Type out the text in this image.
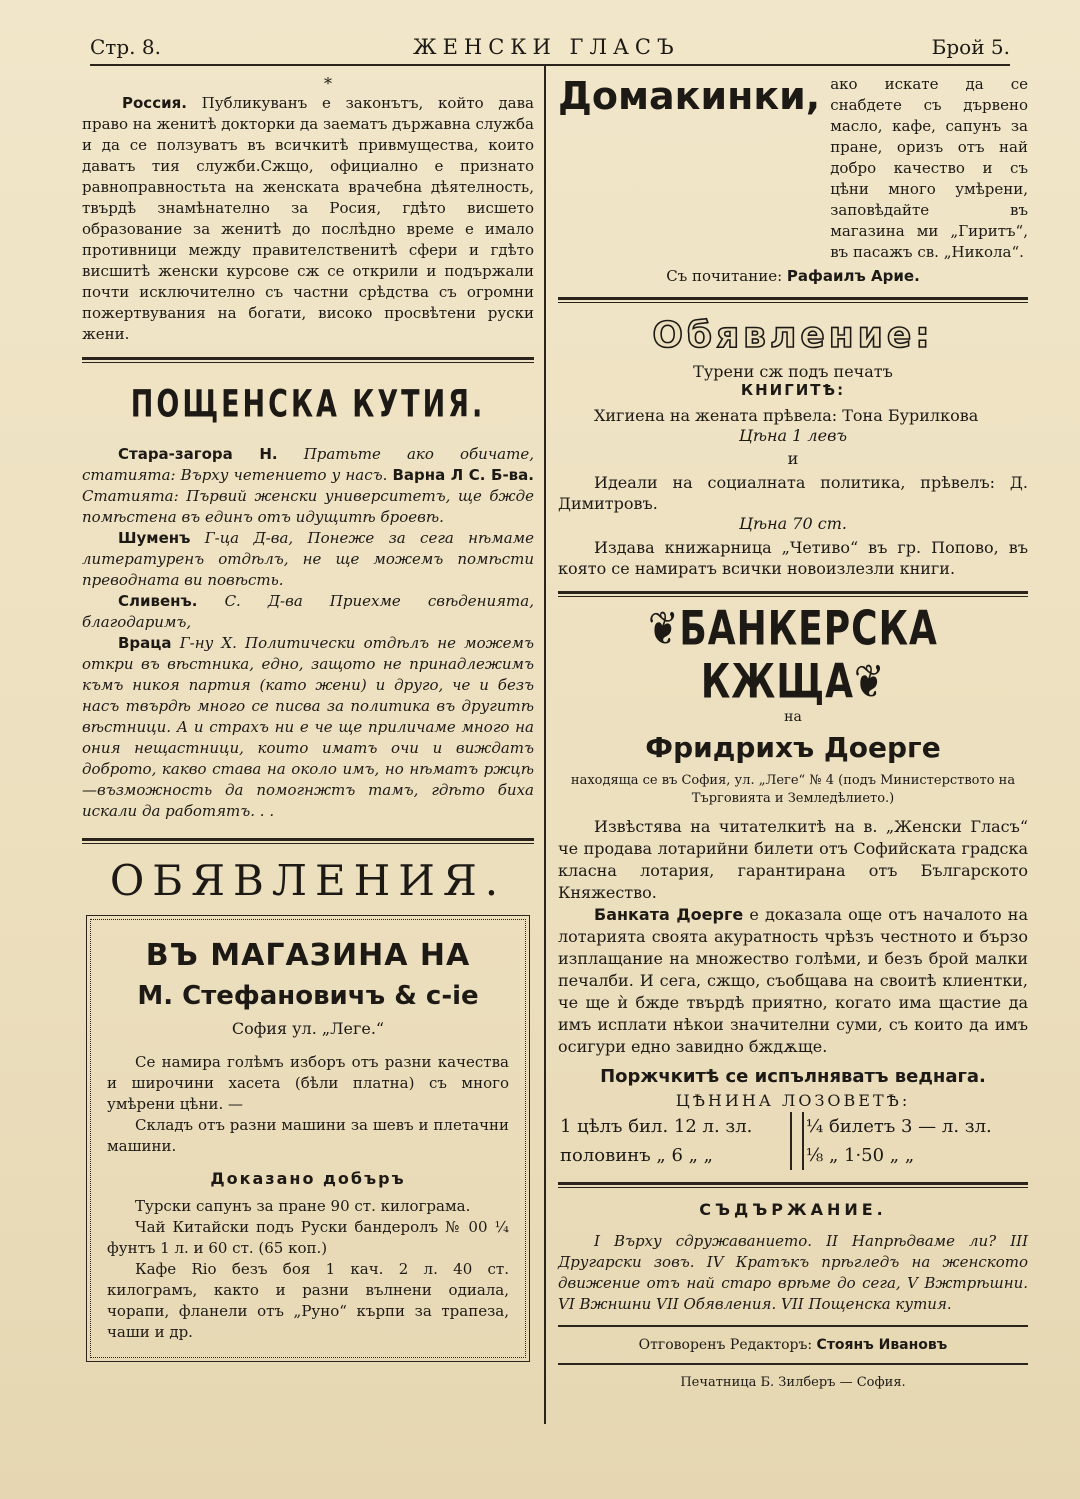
Стр. 8.	ЖЕНСКИ ГЛАСЪ	Брой 5.

*

Россия. Публикуванъ е законътъ, който дава право на женитѣ докторки да заематъ държавна служба и да се ползуватъ въ всичкитѣ привмущества, които даватъ тия служби.Сжщо, официално е признато равноправностьта на женската врачебна дѣятелность, твърдѣ знамѣнателно за Росия, гдѣто висшето образование за женитѣ до послѣдно време е имало противници между правителственитѣ сфери и гдѣто висшитѣ женски курсове сж се открили и подържали почти исключителнo съ частни срѣдства съ огромни пожертвувания на богати, високо просвѣтени руски жени.

ПОЩЕНСКА КУТИЯ.

Стара-загора Н. Пратьте ако обичате, статията: Върху четението у насъ. Варна Л С. Б-ва. Статията: Първий женски университетъ, ще бжде помѣстена въ единъ отъ идущитѣ броевѣ.

Шуменъ Г-ца Д-ва, Понеже за сега нѣмаме литературенъ отдѣлъ, не ще можемъ помѣсти преводната ви повѣсть.

Сливенъ. С. Д-ва Приехме свѣденията, благодаримъ,

Враца Г-ну Х. Политически отдѣлъ не можемъ откри въ вѣстника, едно, защото не принадлежимъ къмъ никоя партия (като жени) и друго, че и безъ насъ твърдѣ много се писва за политика въ другитѣ вѣстници. А и страхъ ни е че ще приличаме много на ония нещастници, които иматъ очи и виждатъ доброто, какво става на около имъ, но нѣматъ ржцѣ—възможность да помогнжтъ тамъ, гдѣто биха искали да работятъ. . .

ОБЯВЛЕНИЯ.

ВЪ МАГАЗИНА НА

М. Стефановичъ & с-ie

София ул. „Леге.“

Се намира голѣмъ изборъ отъ разни качества и широчини хасета (бѣли платна) съ много умѣрени цѣни. —

Складъ отъ разни машини за шевъ и плетачни машини.

Доказано добъръ

Турски сапунъ за пране 90 ст. килограма.

Чай Китайски подъ Руски бандеролъ № 00 ¼ фунтъ 1 л. и 60 ст. (65 коп.)

Кафе Rio безъ боя 1 кач. 2 л. 40 ст. килограмъ, както и разни вълнени одиала, чорапи, фланели отъ „Руно“ кърпи за трапеза, чаши и др.

Домакинки, ако искате да се снабдете съ дървено масло, кафе, сапунъ за пране, оризъ отъ най добро качество и съ цѣни много умѣрени, заповѣдайте въ магазина ми „Гиритъ“, въ пасажъ св. „Никола“.

Съ почитание: Рафаилъ Арие.

Обявление:

Турени сж подъ печатъ

КНИГИТѢ:

Хигиена на жената прѣвела: Тона Бурилкова

Цѣна 1 левъ

и

Идеали на социалната политика, прѣвелъ: Д. Димитровъ.

Цѣна 70 ст.

Издава книжарница „Четиво“ въ гр. Попово, въ която се намиратъ всички новоизлезли книги.

❦БАНКЕРСКА КЖЩА❦

на

Фридрихъ Доерге

находяща се въ София, ул. „Леге“ № 4 (подъ Министерството на Търговията и Земледѣлието.)

Извѣстява на читателкитѣ на в. „Женски Гласъ“ че продава лотарийни билети отъ Софийската градска класна лотария, гарантирана отъ Българското Княжество.

Банката Доерге е доказала още отъ началото на лотарията своята акуратность чрѣзъ честното и бързо изплащание на множество голѣми, и безъ брой малки печалби. И сега, сжщо, съобщава на своитѣ клиентки, че ще ѝ бжде твърдѣ приятно, когато има щастие да имъ исплати нѣкои значителни суми, съ които да имъ осигури едно завидно бждѫще.

Поржчкитѣ се испълняватъ веднага.

ЦѢНИНА ЛОЗОВЕТѢ:

1 цѣлъ бил. 12 л. зл.		¼ билетъ 3 — л. зл.
половинъ „ 6 „ „		⅛ „ 1·50 „ „

СЪДЪРЖАНИЕ.

I Върху сдружаванието. II Напрѣдваме ли? III Другарски зовъ. IV Кратъкъ прѣгледъ на женското движение отъ най старо врѣме до сега, V Вжтрѣшни. VI Вжншни VII Обявления. VII Пощенска кутия.

Отговоренъ Редакторъ: Стоянъ Ивановъ

Печатница Б. Зилберъ — София.
